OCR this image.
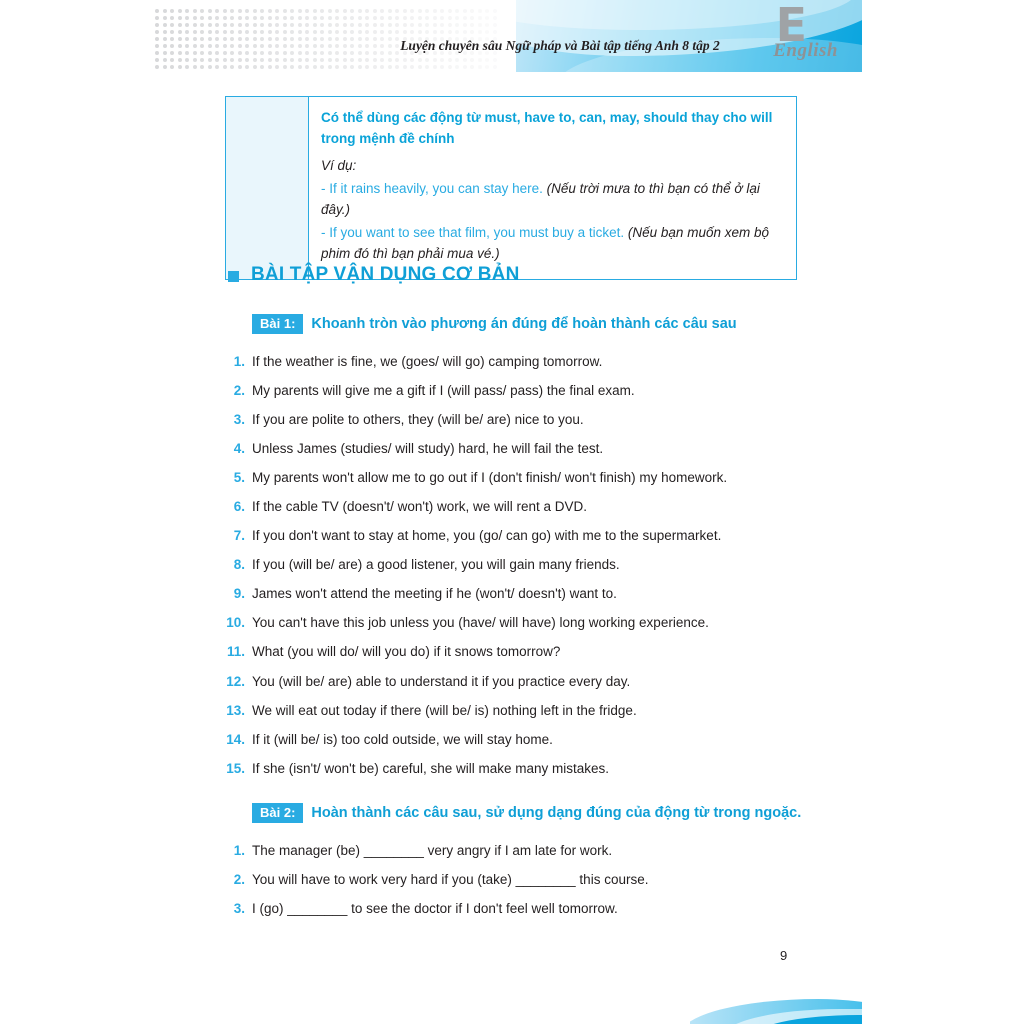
E
English
Luyện chuyên sâu Ngữ pháp và Bài tập tiếng Anh 8 tập 2
Có thể dùng các động từ must, have to, can, may, should thay cho will trong mệnh đề chính
Ví dụ:
- If it rains heavily, you can stay here. (Nếu trời mưa to thì bạn có thể ở lại đây.)
- If you want to see that film, you must buy a ticket. (Nếu bạn muốn xem bộ phim đó thì bạn phải mua vé.)
BÀI TẬP VẬN DỤNG CƠ BẢN
Bài 1:	Khoanh tròn vào phương án đúng để hoàn thành các câu sau
1. If the weather is fine, we (goes/ will go) camping tomorrow.
2. My parents will give me a gift if I (will pass/ pass) the final exam.
3. If you are polite to others, they (will be/ are) nice to you.
4. Unless James (studies/ will study) hard, he will fail the test.
5. My parents won't allow me to go out if I (don't finish/ won't finish) my homework.
6. If the cable TV (doesn't/ won't) work, we will rent a DVD.
7. If you don't want to stay at home, you (go/ can go) with me to the supermarket.
8. If you (will be/ are) a good listener, you will gain many friends.
9. James won't attend the meeting if he (won't/ doesn't) want to.
10. You can't have this job unless you (have/ will have) long working experience.
11. What (you will do/ will you do) if it snows tomorrow?
12. You (will be/ are) able to understand it if you practice every day.
13. We will eat out today if there (will be/ is) nothing left in the fridge.
14. If it (will be/ is) too cold outside, we will stay home.
15. If she (isn't/ won't be) careful, she will make many mistakes.
Bài 2:	Hoàn thành các câu sau, sử dụng dạng đúng của động từ trong ngoặc.
1. The manager (be) ________ very angry if I am late for work.
2. You will have to work very hard if you (take) ________ this course.
3. I (go) ________ to see the doctor if I don't feel well tomorrow.
9
